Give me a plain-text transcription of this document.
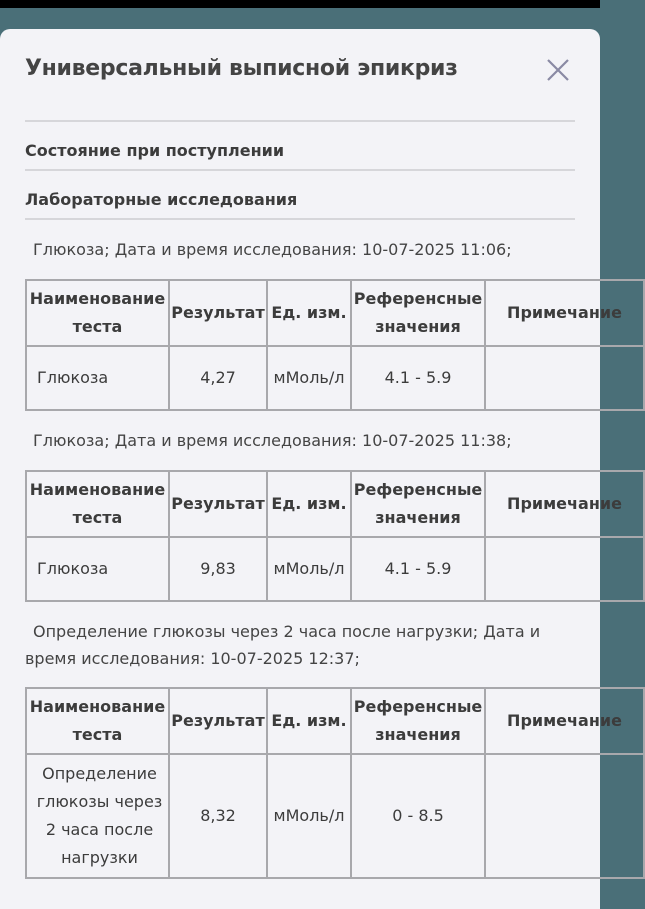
Универсальный выписной эпикриз
Состояние при поступлении
Лабораторные исследования
Глюкоза; Дата и время исследования: 10-07-2025 11:06;
Наименование теста	Результат	Ед. изм.	Референсные значения	Примечание
Глюкоза	4,27	мМоль/л	4.1 - 5.9	
Глюкоза; Дата и время исследования: 10-07-2025 11:38;
Наименование теста	Результат	Ед. изм.	Референсные значения	Примечание
Глюкоза	9,83	мМоль/л	4.1 - 5.9	
Определение глюкозы через 2 часа после нагрузки; Дата и время исследования: 10-07-2025 12:37;
Наименование теста	Результат	Ед. изм.	Референсные значения	Примечание
Определение глюкозы через 2 часа после нагрузки	8,32	мМоль/л	0 - 8.5	
